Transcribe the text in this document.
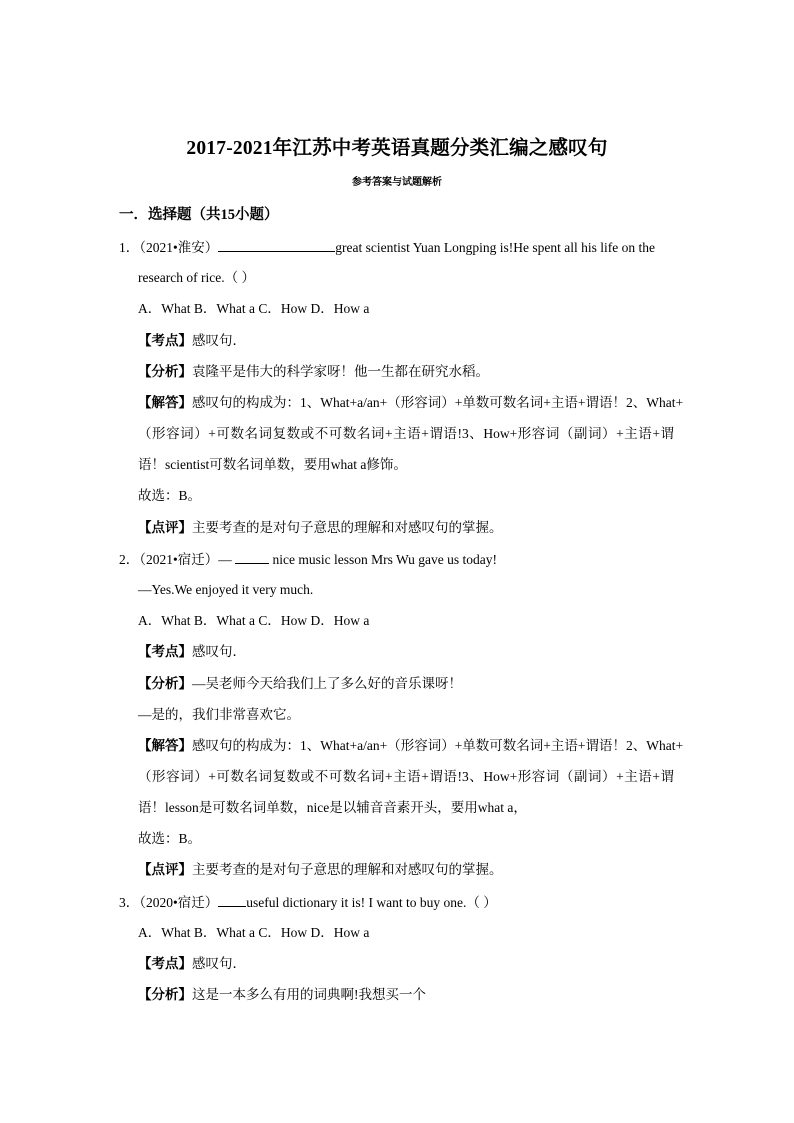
2017-2021年江苏中考英语真题分类汇编之感叹句
参考答案与试题解析
一．选择题（共15小题）
1．（2021•淮安）	great scientist Yuan Longping is!He spent all his life on the
research of rice.（ ）
A．What B．What a C．How D．How a
【考点】感叹句．
【分析】袁隆平是伟大的科学家呀！他一生都在研究水稻。
【解答】感叹句的构成为：1、What+a/an+（形容词）+单数可数名词+主语+谓语！2、What+
（形容词）+可数名词复数或不可数名词+主语+谓语!3、How+形容词（副词）+主语+谓
语！scientist可数名词单数，要用what a修饰。
故选：B。
【点评】主要考查的是对句子意思的理解和对感叹句的掌握。
2．（2021•宿迁）—	nice music lesson Mrs Wu gave us today!
—Yes.We enjoyed it very much.
A．What B．What a C．How D．How a
【考点】感叹句．
【分析】—吴老师今天给我们上了多么好的音乐课呀！
—是的，我们非常喜欢它。
【解答】感叹句的构成为：1、What+a/an+（形容词）+单数可数名词+主语+谓语！2、What+
（形容词）+可数名词复数或不可数名词+主语+谓语!3、How+形容词（副词）+主语+谓
语！lesson是可数名词单数，nice是以辅音音素开头，要用what a，
故选：B。
【点评】主要考查的是对句子意思的理解和对感叹句的掌握。
3．（2020•宿迁） useful dictionary it is! I want to buy one.（ ）
A．What B．What a C．How D．How a
【考点】感叹句．
【分析】这是一本多么有用的词典啊!我想买一个
